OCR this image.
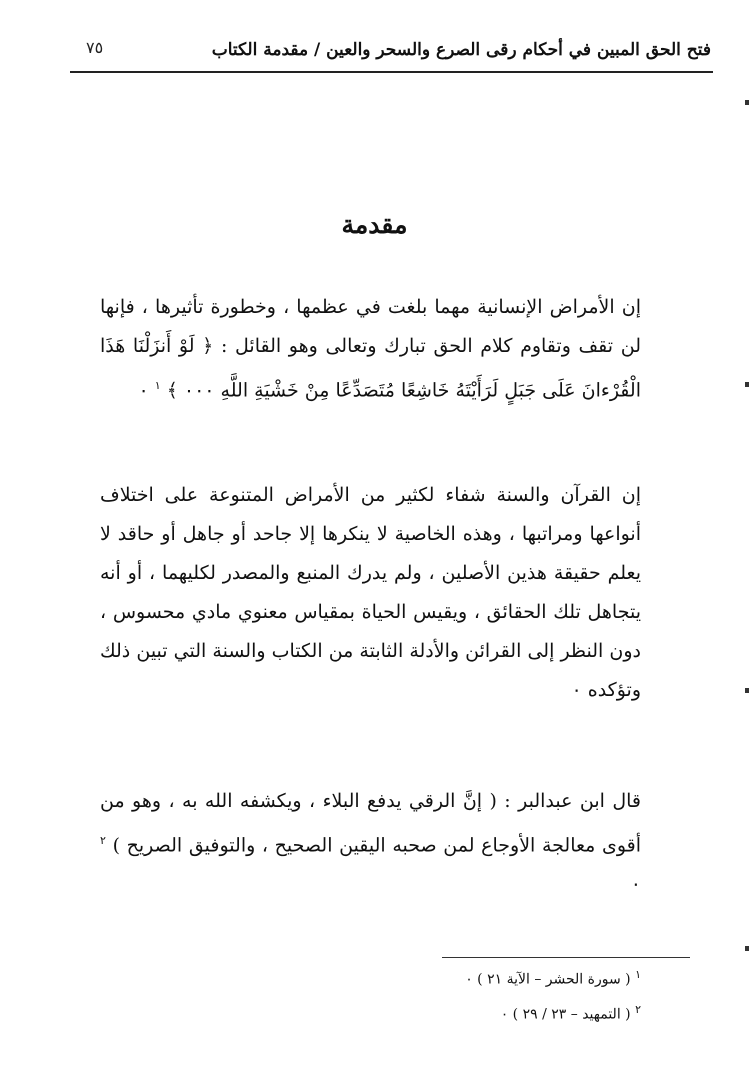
٧٥	فتح الحق المبين في أحكام رقى الصرع والسحر والعين / مقدمة الكتاب
مقدمة

إن الأمراض الإنسانية مهما بلغت في عظمها ، وخطورة تأثيرها ، فإنها لن تقف وتقاوم كلام الحق تبارك وتعالى وهو القائل : ﴿ لَوْ أَنزَلْنَا هَذَا الْقُرْءانَ عَلَى جَبَلٍ لَرَأَيْتَهُ خَاشِعًا مُتَصَدِّعًا مِنْ خَشْيَةِ اللَّهِ ٠٠٠ ﴾ $^١$ ٠

إن القرآن والسنة شفاء لكثير من الأمراض المتنوعة على اختلاف أنواعها ومراتبها ، وهذه الخاصية لا ينكرها إلا جاحد أو جاهل أو حاقد لا يعلم حقيقة هذين الأصلين ، ولم يدرك المنبع والمصدر لكليهما ، أو أنه يتجاهل تلك الحقائق ، ويقيس الحياة بمقياس معنوي مادي محسوس ، دون النظر إلى القرائن والأدلة الثابتة من الكتاب والسنة التي تبين ذلك وتؤكده ٠

قال ابن عبدالبر : ( إنَّ الرقي يدفع البلاء ، ويكشفه الله به ، وهو من أقوى معالجة الأوجاع لمن صحبه اليقين الصحيح ، والتوفيق الصريح ) $^٢$ ٠

$^١$ ( سورة الحشر – الآية ٢١ ) ٠
$^٢$ ( التمهيد – ٢٣ / ٢٩ ) ٠
